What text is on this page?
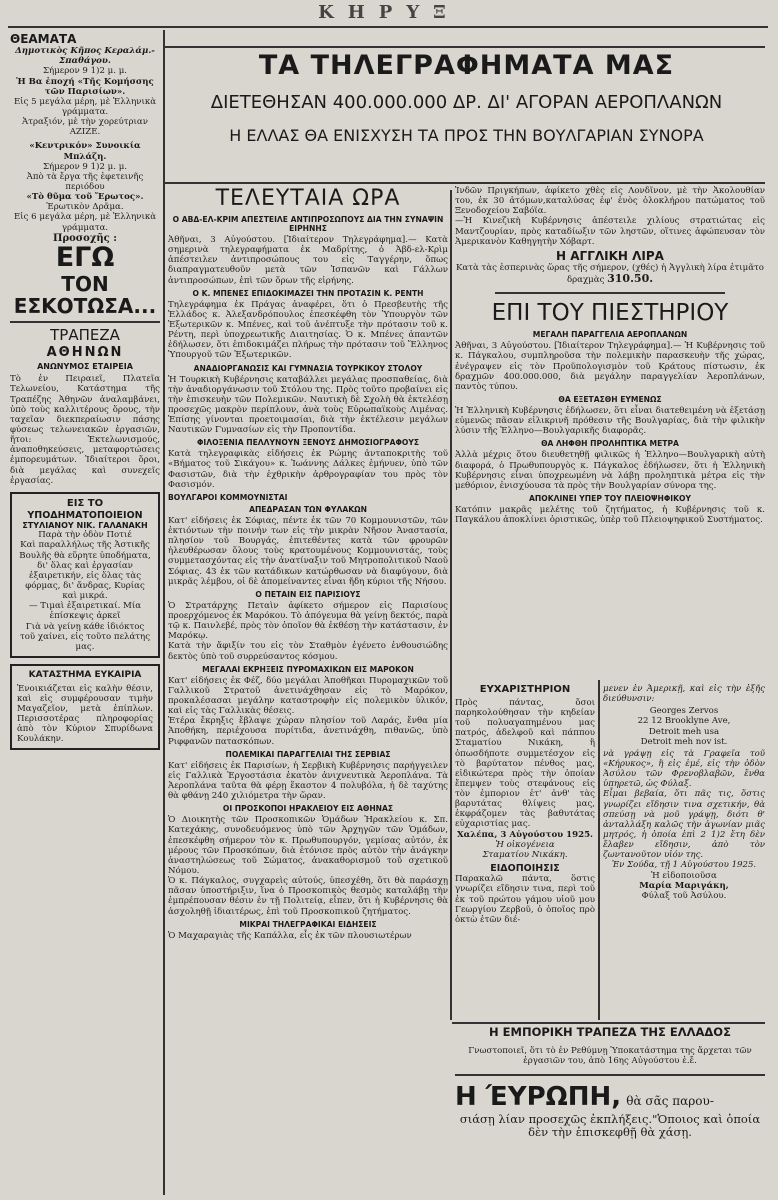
ΚΗΡΥΞ

ΘΕΑΜΑΤΑ

Δημοτικὸς Κῆπος Κεραλάμ.-Σπαθάγου.

Σήμερον 9 1)2 μ. μ.

Ἡ Βα ἐποχή «Τῆς Κομήσσης τῶν Παρισίων».

Εἰς 5 μεγάλα μέρη, μὲ Ἑλληνικὰ γράμματα.

Ἀτραξιόν, μὲ τὴν χορεύτριαν AZIZE.

«Κεντρικόν» Συνοικία Μπλάζη.

Σήμερον 9 1)2 μ. μ.

Ἀπὸ τὰ ἔργα τῆς ἐφετεινῆς περιόδου

«Τὸ θῦμα τοῦ Ἔρωτος».

Ἐρωτικὸν Δρᾶμα.

Εἰς 6 μεγάλα μέρη, μὲ Ἑλληνικὰ γράμματα.

Προσοχῆς :

ΕΓΩ

ΤΟΝ ΕΣΚΟΤΩΣΑ...

ΤΡΑΠΕΖΑ

ΑΘΗΝΩΝ

ΑΝΩΝΥΜΟΣ ΕΤΑΙΡΕΙΑ

Τὸ ἐν Πειραιεῖ, Πλατεῖα Τελωνείου, Κατάστημα τῆς Τραπέζης Ἀθηνῶν ἀναλαμβάνει, ὑπὸ τοὺς καλλιτέρους ὅρους, τὴν ταχεῖαν διεκπεραίωσιν πάσης φύσεως τελωνειακῶν ἐργασιῶν, ἤτοι: Ἐκτελωνισμούς, ἀναποθηκεύσεις, μεταφορτώσεις ἐμπορευμάτων. Ἰδιαίτεροι ὅροι, διὰ μεγάλας καὶ συνεχεῖς ἐργασίας.

ΕΙΣ ΤΟ

ΥΠΟΔΗΜΑΤΟΠΟΙΕΙΟΝ

ΣΤΥΛΙΑΝΟΥ ΝΙΚ. ΓΑΛΑΝΑΚΗ

Παρὰ τὴν ὁδὸν Ποτιέ

Καὶ παραλλήλως τῆς Ἀστικῆς Βουλῆς θὰ εὕρητε ὑποδήματα, δι' ὅλας καὶ ἐργασίαν ἐξαιρετικήν, εἰς ὅλας τὰς φόρμας, δι' ἄνδρας, Κυρίας καὶ μικρά.

— Τιμαὶ ἐξαιρετικαί. Μία ἐπίσκεψις ἀρκεῖ

Γιὰ νὰ γείνῃ κάθε ἰδιόκτος τοῦ χαίνει, εἰς τοῦτο πελάτης μας.

ΚΑΤΑΣΤΗΜΑ ΕΥΚΑΙΡΙΑ

Ἐνοικιάζεται εἰς καλὴν θέσιν, καὶ εἰς συμφέρουσαν τιμὴν Μαγαζεῖον, μετὰ ἐπίπλων. Περισσοτέρας πληροφορίας ἀπὸ τὸν Κύριον Σπυρίδωνα Κουλάκην.

ΤΑ ΤΗΛΕΓΡΑΦΗΜΑΤΑ ΜΑΣ

ΔΙΕΤΕΘΗΣΑΝ 400.000.000 ΔΡ. ΔΙ' ΑΓΟΡΑΝ ΑΕΡΟΠΛΑΝΩΝ

Η ΕΛΛΑΣ ΘΑ ΕΝΙΣΧΥΣΗ ΤΑ ΠΡΟΣ ΤΗΝ ΒΟΥΛΓΑΡΙΑΝ ΣΥΝΟΡΑ

ΤΕΛΕΥΤΑΙΑ ΩΡΑ

Ο ΑΒΔ-ΕΛ-ΚΡΙΜ ΑΠΕΣΤΕΙΛΕ ΑΝΤΙΠΡΟΣΩΠΟΥΣ ΔΙΑ ΤΗΝ ΣΥΝΑΨΙΝ ΕΙΡΗΝΗΣ

Ἀθῆναι, 3 Αὐγούστου. [Ἰδιαίτερον Τηλεγράφημα].— Κατὰ σημερινὰ τηλεγραφήματα ἐκ Μαδρίτης, ὁ Ἀβδ-ελ-Κρὶμ ἀπέστειλεν ἀντιπροσώπους του εἰς Ταγγέρην, ὅπως διαπραγματευθοῦν μετὰ τῶν Ἱσπανῶν καὶ Γάλλων ἀντιπροσώπων, ἐπὶ τῶν ὅρων τῆς εἰρήνης.

Ο Κ. ΜΠΕΝΕΣ ΕΠΙΔΟΚΙΜΑΖΕΙ ΤΗΝ ΠΡΟΤΑΣΙΝ Κ. ΡΕΝΤΗ

Τηλεγράφημα ἐκ Πράγας ἀναφέρει, ὅτι ὁ Πρεσβευτὴς τῆς Ἑλλάδος κ. Ἀλεξανδρόπουλος ἐπεσκέφθη τὸν Ὑπουργὸν τῶν Ἐξωτερικῶν κ. Μπένες, καὶ τοῦ ἀνέπτυξε τὴν πρότασιν τοῦ κ. Ρέντη, περὶ ὑποχρεωτικῆς Διαιτησίας. Ὁ κ. Μπένες ἀπαντῶν ἐδήλωσεν, ὅτι ἐπιδοκιμάζει πλήρως τὴν πρότασιν τοῦ Ἕλληνος Ὑπουργοῦ τῶν Ἐξωτερικῶν.

ΑΝΑΔΙΟΡΓΑΝΩΣΙΣ ΚΑΙ ΓΥΜΝΑΣΙΑ ΤΟΥΡΚΙΚΟΥ ΣΤΟΛΟΥ

Ἡ Τουρκικὴ Κυβέρνησις καταβάλλει μεγάλας προσπαθείας, διὰ τὴν ἀναδιοργάνωσιν τοῦ Στόλου της. Πρὸς τοῦτο προβαίνει εἰς τὴν ἐπισκευὴν τῶν Πολεμικῶν. Ναυτικὴ δὲ Σχολὴ θὰ ἐκτελέσῃ προσεχῶς μακρὸν περίπλουν, ἀνὰ τοὺς Εὐρωπαϊκοὺς Λιμένας. Ἐπίσης γίνονται προετοιμασίαι, διὰ τὴν ἐκτέλεσιν μεγάλων Ναυτικῶν Γυμνασίων εἰς τὴν Προποντίδα.

ΦΙΛΟΞΕΝΙΑ ΠΕΛΛΥΝΟΥΝ ΞΕΝΟΥΣ ΔΗΜΟΣΙΟΓΡΑΦΟΥΣ

Κατὰ τηλεγραφικὰς εἰδήσεις ἐκ Ρώμης ἀνταποκριτὴς τοῦ «Βήματος τοῦ Σικάγου» κ. Ἰωάννης Δάλκες ἐμήνυεν, ὑπὸ τῶν Φασιστῶν, διὰ τὴν ἐχθρικὴν ἀρθρογραφίαν του πρὸς τὸν Φασισμόν.

ΒΟΥΛΓΑΡΟΙ ΚΟΜΜΟΥΝΙΣΤΑΙ

ΑΠΕΔΡΑΣΑΝ ΤΩΝ ΦΥΛΑΚΩΝ

Κατ' εἰδήσεις ἐκ Σόφιας, πέντε ἐκ τῶν 70 Κομμουνιστῶν, τῶν ἐκτιόντων τὴν ποινήν των εἰς τὴν μικρὰν Νῆσον Ἀναστασία, πλησίον τοῦ Βουργάς, ἐπιτεθέντες κατὰ τῶν φρουρῶν ἠλευθέρωσαν ὅλους τοὺς κρατουμένους Κομμουνιστάς, τοὺς συμμετασχόντας εἰς τὴν ἀνατίναξιν τοῦ Μητροπολιτικοῦ Ναοῦ Σόφιας. 43 ἐκ τῶν κατάδικων κατώρθωσαν νὰ διαφύγουν, διὰ μικρᾶς λέμβου, οἱ δὲ ἀπομείναντες εἶναι ἤδη κύριοι τῆς Νήσου.

Ο ΠΕΤΑΙΝ ΕΙΣ ΠΑΡΙΣΙΟΥΣ

Ὁ Στρατάρχης Πεταὶν ἀφίκετο σήμερον εἰς Παρισίους προερχόμενος ἐκ Μαρόκου. Τὸ ἀπόγευμα θὰ γείνῃ δεκτός, παρὰ τῷ κ. Παινλεβέ, πρὸς τὸν ὁποῖον θὰ ἐκθέσῃ τὴν κατάστασιν, ἐν Μαρόκῳ.

Κατὰ τὴν ἄφιξίν του εἰς τὸν Σταθμὸν ἐγένετο ἐνθουσιώδης δεκτὸς ὑπὸ τοῦ συρρεύσαντος κόσμου.

ΜΕΓΑΛΑΙ ΕΚΡΗΞΕΙΣ ΠΥΡΟΜΑΧΙΚΩΝ ΕΙΣ ΜΑΡΟΚΟΝ

Κατ' εἰδήσεις ἐκ Φέζ, δύο μεγάλαι Ἀποθῆκαι Πυρομαχικῶν τοῦ Γαλλικοῦ Στρατοῦ ἀνετινάχθησαν εἰς τὸ Μαρόκον, προκαλέσασαι μεγάλην καταστροφὴν εἰς πολεμικὸν ὑλικόν, καὶ εἰς τὰς Γαλλικὰς θέσεις.

Ἑτέρα ἔκρηξις ἔβλαψε χώραν πλησίον τοῦ Λαράς, ἔνθα μία Ἀποθήκη, περιέχουσα πυρίτιδα, ἀνετινάχθη, πιθανῶς, ὑπὸ Ριφφανῶν πατασκόπων.

ΠΟΛΕΜΙΚΑΙ ΠΑΡΑΓΓΕΛΙΑΙ ΤΗΣ ΣΕΡΒΙΑΣ

Κατ' εἰδήσεις ἐκ Παρισίων, ἡ Σερβικὴ Κυβέρνησις παρήγγειλεν εἰς Γαλλικὰ Ἐργοστάσια ἑκατὸν ἀνιχνευτικὰ Ἀεροπλάνα. Τὰ Ἀεροπλάνα ταῦτα θὰ φέρῃ ἕκαστον 4 πολυβόλα, ἡ δὲ ταχύτης θὰ φθάνῃ 240 χιλιόμετρα τὴν ὥραν.

ΟΙ ΠΡΟΣΚΟΠΟΙ ΗΡΑΚΛΕΙΟΥ ΕΙΣ ΑΘΗΝΑΣ

Ὁ Διοικητὴς τῶν Προσκοπικῶν Ὁμάδων Ἡρακλείου κ. Σπ. Κατεχάκης, συνοδευόμενος ὑπὸ τῶν Ἀρχηγῶν τῶν Ὁμάδων, ἐπεσκέφθη σήμερον τὸν κ. Πρωθυπουργόν, γεμίσας αὐτόν, ἐκ μέρους τῶν Προσκόπων, διὰ ἐτόνισε πρὸς αὐτὸν τὴν ἀνάγκην ἀναστηλώσεως τοῦ Σώματος, ἀνακαθορισμοῦ τοῦ σχετικοῦ Νόμου.

Ὁ κ. Πάγκαλος, συγχαρεὶς αὐτούς, ὑπεσχέθη, ὅτι θὰ παράσχῃ πᾶσαν ὑποστήριξιν, ἵνα ὁ Προσκοπικὸς θεσμὸς καταλάβῃ τὴν ἐμπρέπουσαν θέσιν ἐν τῇ Πολιτείᾳ, εἶπεν, ὅτι ἡ Κυβέρνησις θὰ ἀσχοληθῇ ἰδιαιτέρως, ἐπὶ τοῦ Προσκοπικοῦ ζητήματος.

ΜΙΚΡΑΙ ΤΗΛΕΓΡΑΦΙΚΑΙ ΕΙΔΗΣΕΙΣ

Ὁ Μαχαραγιὰς τῆς Καπάλλα, εἷς ἐκ τῶν πλουσιωτέρων

Ἰνδῶν Πριγκήπων, ἀφίκετο χθὲς εἰς Λονδῖνον, μὲ τὴν Ἀκολουθίαν του, ἐκ 30 ἀτόμων,καταλύσας ἐφ' ἑνὸς ὁλοκλήρου πατώματος τοῦ Ξενοδοχείου Σαβόϊα.

—Ἡ Κινεζικὴ Κυβέρνησις ἀπέστειλε χιλίους στρατιώτας εἰς Μαντζουρίαν, πρὸς καταδίωξιν τῶν ληστῶν, οἵτινες ἀφώπευσαν τὸν Ἀμερικανὸν Καθηγητὴν Χόβαρτ.

Η ΑΓΓΛΙΚΗ ΛΙΡΑ

Κατὰ τὰς ἑσπερινὰς ὥρας τῆς σήμερον, (χθές) ἡ Ἀγγλικὴ λίρα ἐτιμᾶτο δραχμὰς 310.50.

ΕΠΙ ΤΟΥ ΠΙΕΣΤΗΡΙΟΥ

ΜΕΓΑΛΗ ΠΑΡΑΓΓΕΛΙΑ ΑΕΡΟΠΛΑΝΩΝ

Ἀθῆναι, 3 Αὐγούστου. [Ἰδιαίτερον Τηλεγράφημα].— Ἡ Κυβέρνησις τοῦ κ. Πάγκαλου, συμπληροῦσα τὴν πολεμικὴν παρασκευὴν τῆς χώρας, ἐνέγραψεν εἰς τὸν Προϋπολογισμὸν τοῦ Κράτους πίστωσιν, ἐκ δραχμῶν 400.000.000, διὰ μεγάλην παραγγελίαν Ἀεροπλάνων, παντὸς τύπου.

ΘΑ ΕΞΕΤΑΣΘΗ ΕΥΜΕΝΩΣ

Ἡ Ἑλληνικὴ Κυβέρνησις ἐδήλωσεν, ὅτι εἶναι διατεθειμένη νὰ ἐξετάσῃ εὐμενῶς πᾶσαν εἰλικρινῆ πρόθεσιν τῆς Βουλγαρίας, διὰ τὴν φιλικὴν λύσιν τῆς Ἑλληνο—Βουλγαρικῆς διαφορᾶς.

ΘΑ ΛΗΦΘΗ ΠΡΟΛΗΠΤΙΚΑ ΜΕΤΡΑ

Ἀλλὰ μέχρις ὅτου διευθετηθῇ φιλικῶς ἡ Ἑλληνο—Βουλγαρικὴ αὐτὴ διαφορά, ὁ Πρωθυπουργὸς κ. Πάγκαλος ἐδήλωσεν, ὅτι ἡ Ἑλληνικὴ Κυβέρνησις εἶναι ὑποχρεωμένη νὰ λάβῃ προληπτικὰ μέτρα εἰς τὴν μεθόριον, ἐνισχύουσα τὰ πρὸς τὴν Βουλγαρίαν σύνορα της.

ΑΠΟΚΛΙΝΕΙ ΥΠΕΡ ΤΟΥ ΠΛΕΙΟΨΗΦΙΚΟΥ

Κατόπιν μακρᾶς μελέτης τοῦ ζητήματος, ἡ Κυβέρνησις τοῦ κ. Παγκάλου ἀποκλίνει ὁριστικῶς, ὑπὲρ τοῦ Πλειοψηφικοῦ Συστήματος.

ΕΥΧΑΡΙΣΤΗΡΙΟΝ

Πρὸς πάντας, ὅσοι παρηκολούθησαν τὴν κηδείαν τοῦ πολυαγαπημένου μας πατρός, ἀδελφοῦ καὶ πάππου Σταματίου Νικάκη, ἢ ὁπωσδήποτε συμμετέσχον εἰς τὸ βαρύτατον πένθος μας, εἰδικώτερα πρὸς τὴν ὁποίαν ἔπεμψεν τοὺς στεφάνους εἰς τὸν ἐμποριον ἐτ' ἀνθ' τὰς βαρυτάτας θλίψεις μας, ἐκφράζομεν τὰς βαθυτάτας εὐχαριστίας μας.

Χαλέπα, 3 Αὐγούστου 1925.

Ἡ οἰκογένεια

Σταματίου Νικάκη.

ΕΙΔΟΠΟΙΗΣΙΣ

Παρακαλῶ πάντα, ὅστις γνωρίζει εἴδησιν τινα, περὶ τοῦ ἐκ τοῦ πρώτου γάμου υἱοῦ μου Γεωργίου Ζερβοῦ, ὁ ὁποῖος πρὸ ὀκτὼ ἐτῶν διέ-

μενεν ἐν Ἀμερικῇ, καὶ εἰς τὴν ἑξῆς διεύθυνσιν:

Georges Zervos

22 12 Brooklyne Ave,

Detroit meh usa

Detroit meh nov ist.

νὰ γράψῃ εἰς τὰ Γραφεῖα τοῦ «Κήρυκος», ἢ εἰς ἐμέ, εἰς τὴν ὁδὸν Ἀσύλου τῶν Φρενοβλαβῶν, ἔνθα ὑπηρετῶ, ὡς Φύλαξ.

Εἶμαι βεβαία, ὅτι πᾶς τις, ὅστις γνωρίζει εἴδησιν τινα σχετικήν, θὰ σπεύσῃ νὰ μοῦ γράψῃ, διότι θ' ἀνταλλάξη καλῶς τὴν ἀγωνίαν μιᾶς μητρός, ἡ ὁποία ἐπὶ 2 1)2 ἔτη δὲν ἔλαβεν εἴδησιν, ἀπὸ τὸν ζωντανοῦτον υἱόν της.

Ἐν Σούδα, τῇ 1 Αὐγούστου 1925.

Ἡ εἰδοποιοῦσα

Μαρία Μαριγάκη,

Φύλαξ τοῦ Ἀσύλου.

Η ΕΜΠΟΡΙΚΗ ΤΡΑΠΕΖΑ ΤΗΣ ΕΛΛΑΔΟΣ

Γνωστοποιεῖ, ὅτι τὸ ἐν Ρεθύμνῃ Ὑποκατάστημα της ἄρχεται τῶν ἐργασιῶν του, ἀπὸ 16ης Αὐγούστου ἐ.ἔ.

Η ΈΥΡΩΠΗ, θὰ σᾶς παρου-

σιάσῃ λίαν προσεχῶς ἐκπλήξεις."Ὁποιος καὶ ὁποία δὲν τὴν ἐπισκεφθῇ θὰ χάσῃ.
